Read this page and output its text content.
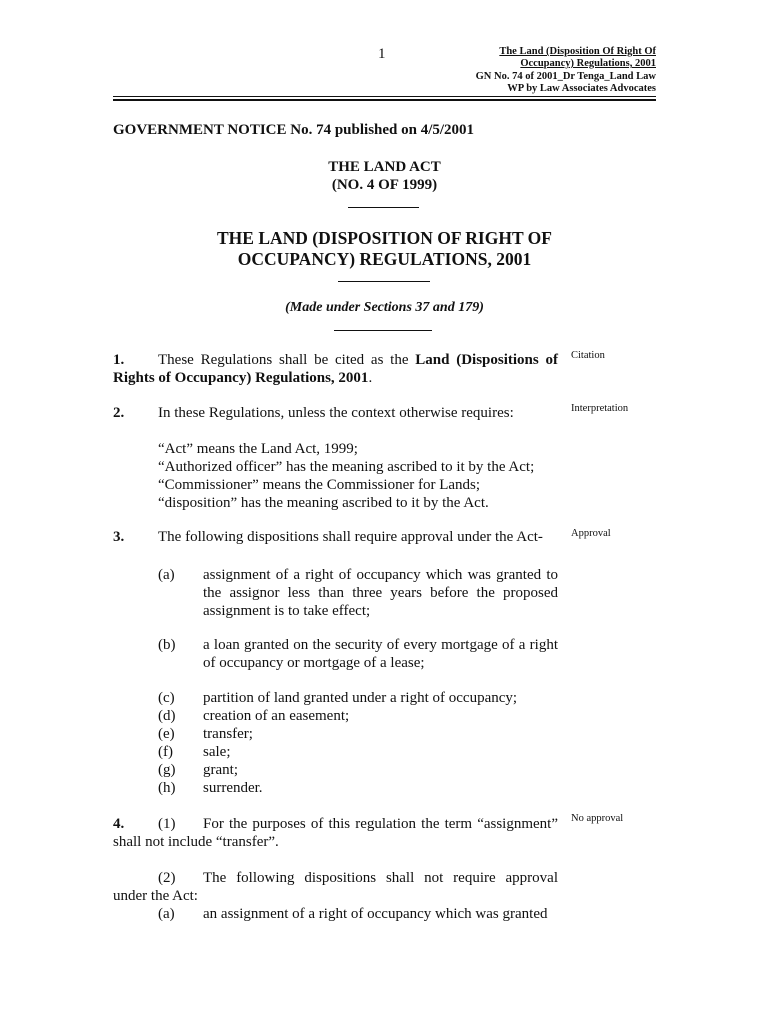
1	The Land (Disposition Of Right Of
Occupancy) Regulations, 2001
GN No. 74 of 2001_Dr Tenga_Land Law
WP by Law Associates Advocates
GOVERNMENT NOTICE No. 74 published on 4/5/2001
THE LAND ACT
(NO. 4 OF 1999)
THE LAND (DISPOSITION OF RIGHT OF
OCCUPANCY) REGULATIONS, 2001
(Made under Sections 37 and 179)
1. These Regulations shall be cited as the Land (Dispositions of Rights of Occupancy) Regulations, 2001.
Citation
2. In these Regulations, unless the context otherwise requires:	Interpretation
“Act” means the Land Act, 1999;
“Authorized officer” has the meaning ascribed to it by the Act;
“Commissioner” means the Commissioner for Lands;
“disposition” has the meaning ascribed to it by the Act.
3. The following dispositions shall require approval under the Act-	Approval
(a) assignment of a right of occupancy which was granted to the assignor less than three years before the proposed assignment is to take effect;
(b) a loan granted on the security of every mortgage of a right of occupancy or mortgage of a lease;
(c) partition of land granted under a right of occupancy;
(d) creation of an easement;
(e) transfer;
(f) sale;
(g) grant;
(h) surrender.
4. (1) For the purposes of this regulation the term “assignment” shall not include “transfer”.
No approval
(2) The following dispositions shall not require approval under the Act:
(a) an assignment of a right of occupancy which was granted
